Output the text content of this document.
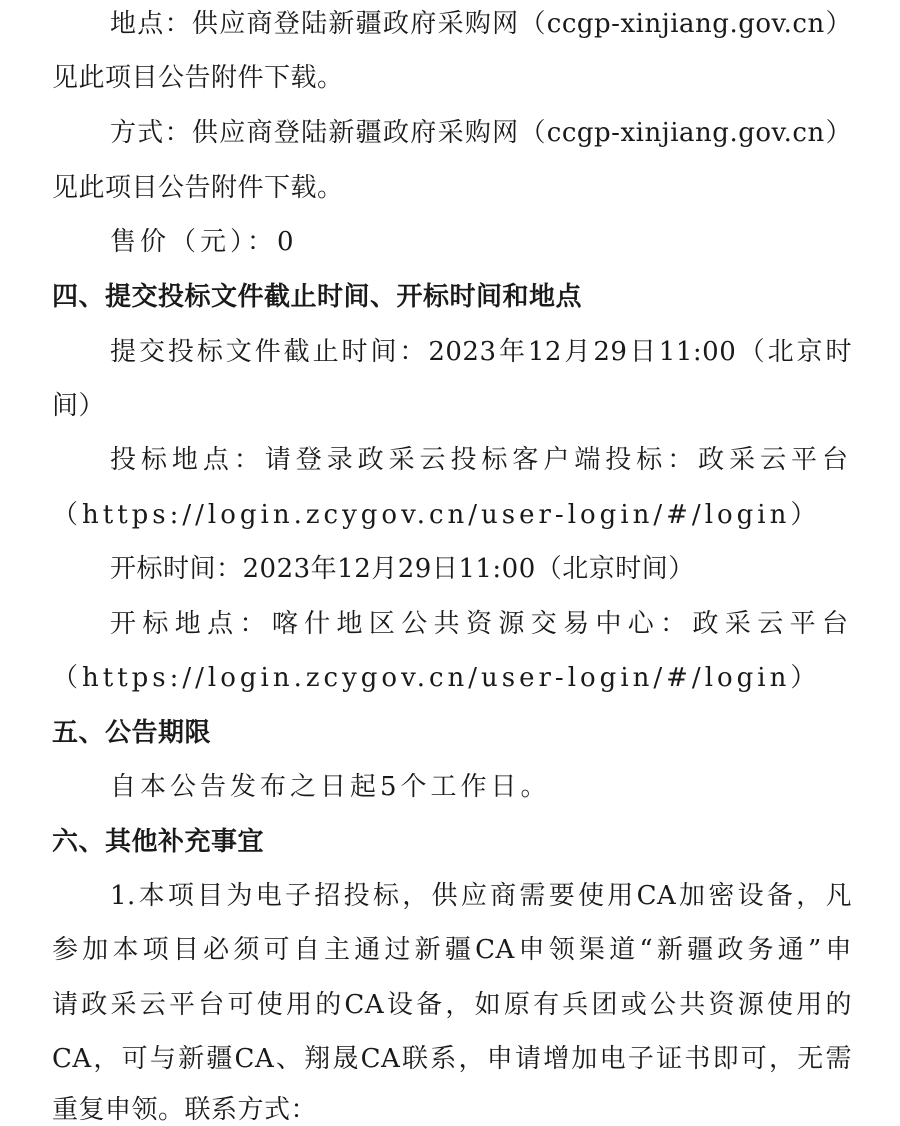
地点：供应商登陆新疆政府采购网（ccgp-xinjiang.gov.cn）
见此项目公告附件下载。
方式：供应商登陆新疆政府采购网（ccgp-xinjiang.gov.cn）
见此项目公告附件下载。
售价（元）：0
四、提交投标文件截止时间、开标时间和地点
提交投标文件截止时间：2023年12月29日11:00（北京时
间）
投标地点：请登录政采云投标客户端投标：政采云平台
（https://login.zcygov.cn/user-login/#/login）
开标时间：2023年12月29日11:00（北京时间）
开标地点：喀什地区公共资源交易中心：政采云平台
（https://login.zcygov.cn/user-login/#/login）
五、公告期限
自本公告发布之日起5个工作日。
六、其他补充事宜
1.本项目为电子招投标，供应商需要使用CA加密设备，凡
参加本项目必须可自主通过新疆CA申领渠道“新疆政务通”申
请政采云平台可使用的CA设备，如原有兵团或公共资源使用的
CA，可与新疆CA、翔晟CA联系，申请增加电子证书即可，无需
重复申领。联系方式：
